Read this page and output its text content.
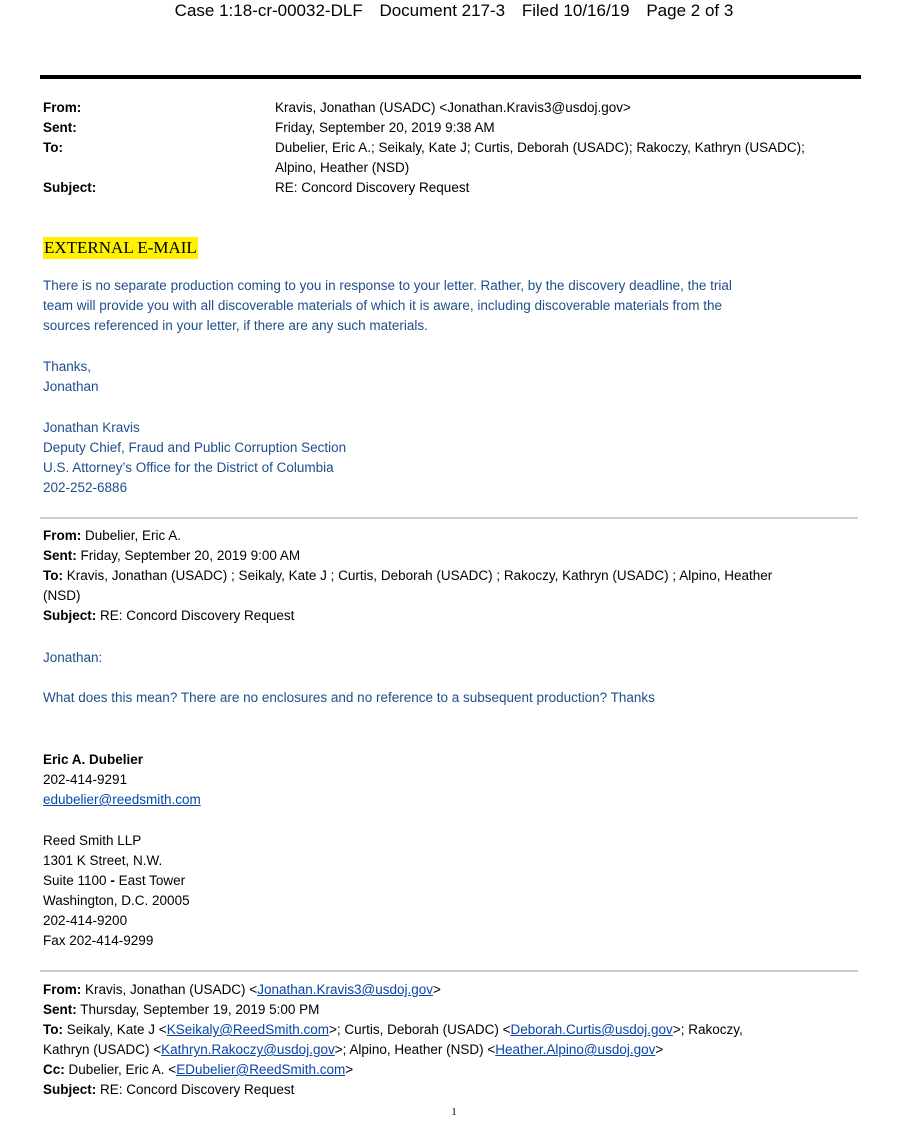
Case 1:18-cr-00032-DLF Document 217-3 Filed 10/16/19 Page 2 of 3
From:	Kravis, Jonathan (USADC) <Jonathan.Kravis3@usdoj.gov>
Sent:	Friday, September 20, 2019 9:38 AM
To:	Dubelier, Eric A.; Seikaly, Kate J; Curtis, Deborah (USADC); Rakoczy, Kathryn (USADC);
Alpino, Heather (NSD)
Subject:	RE: Concord Discovery Request
EXTERNAL E-MAIL
There is no separate production coming to you in response to your letter. Rather, by the discovery deadline, the trial
team will provide you with all discoverable materials of which it is aware, including discoverable materials from the
sources referenced in your letter, if there are any such materials.
Thanks,
Jonathan
Jonathan Kravis
Deputy Chief, Fraud and Public Corruption Section
U.S. Attorney’s Office for the District of Columbia
202-252-6886
From: Dubelier, Eric A.
Sent: Friday, September 20, 2019 9:00 AM
To: Kravis, Jonathan (USADC) ; Seikaly, Kate J ; Curtis, Deborah (USADC) ; Rakoczy, Kathryn (USADC) ; Alpino, Heather
(NSD)
Subject: RE: Concord Discovery Request
Jonathan:
What does this mean? There are no enclosures and no reference to a subsequent production? Thanks
Eric A. Dubelier
202-414-9291
edubelier@reedsmith.com
Reed Smith LLP
1301 K Street, N.W.
Suite 1100 - East Tower
Washington, D.C. 20005
202-414-9200
Fax 202-414-9299
From: Kravis, Jonathan (USADC) <Jonathan.Kravis3@usdoj.gov>
Sent: Thursday, September 19, 2019 5:00 PM
To: Seikaly, Kate J <KSeikaly@ReedSmith.com>; Curtis, Deborah (USADC) <Deborah.Curtis@usdoj.gov>; Rakoczy,
Kathryn (USADC) <Kathryn.Rakoczy@usdoj.gov>; Alpino, Heather (NSD) <Heather.Alpino@usdoj.gov>
Cc: Dubelier, Eric A. <EDubelier@ReedSmith.com>
Subject: RE: Concord Discovery Request
1
